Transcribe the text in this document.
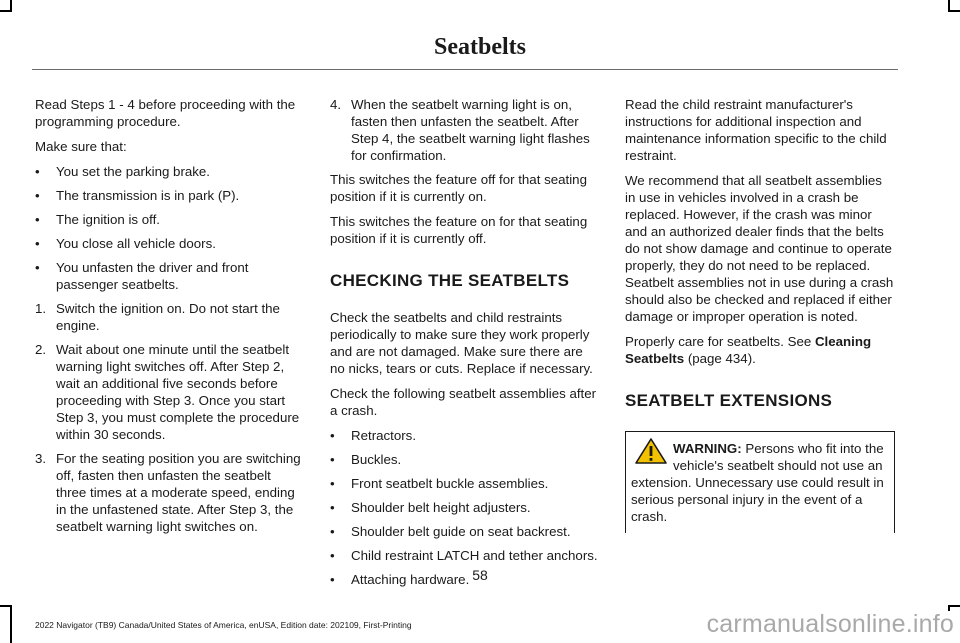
Seatbelts

Read Steps 1 - 4 before proceeding with the programming procedure.

Make sure that:

• You set the parking brake.
• The transmission is in park (P).
• The ignition is off.
• You close all vehicle doors.
• You unfasten the driver and front passenger seatbelts.
1. Switch the ignition on. Do not start the engine.
2. Wait about one minute until the seatbelt warning light switches off. After Step 2, wait an additional five seconds before proceeding with Step 3. Once you start Step 3, you must complete the procedure within 30 seconds.
3. For the seating position you are switching off, fasten then unfasten the seatbelt three times at a moderate speed, ending in the unfastened state. After Step 3, the seatbelt warning light switches on.
4. When the seatbelt warning light is on, fasten then unfasten the seatbelt. After Step 4, the seatbelt warning light flashes for confirmation.

This switches the feature off for that seating position if it is currently on.

This switches the feature on for that seating position if it is currently off.

CHECKING THE SEATBELTS

Check the seatbelts and child restraints periodically to make sure they work properly and are not damaged. Make sure there are no nicks, tears or cuts. Replace if necessary.

Check the following seatbelt assemblies after a crash.

• Retractors.
• Buckles.
• Front seatbelt buckle assemblies.
• Shoulder belt height adjusters.
• Shoulder belt guide on seat backrest.
• Child restraint LATCH and tether anchors.
• Attaching hardware.

Read the child restraint manufacturer's instructions for additional inspection and maintenance information specific to the child restraint.

We recommend that all seatbelt assemblies in use in vehicles involved in a crash be replaced. However, if the crash was minor and an authorized dealer finds that the belts do not show damage and continue to operate properly, they do not need to be replaced. Seatbelt assemblies not in use during a crash should also be checked and replaced if either damage or improper operation is noted.

Properly care for seatbelts. See Cleaning Seatbelts (page 434).

SEATBELT EXTENSIONS
WARNING: Persons who fit into the vehicle's seatbelt should not use an extension. Unnecessary use could result in serious personal injury in the event of a crash.
58
2022 Navigator (TB9) Canada/United States of America, enUSA, Edition date: 202109, First-Printing	carmanualsonline.info
